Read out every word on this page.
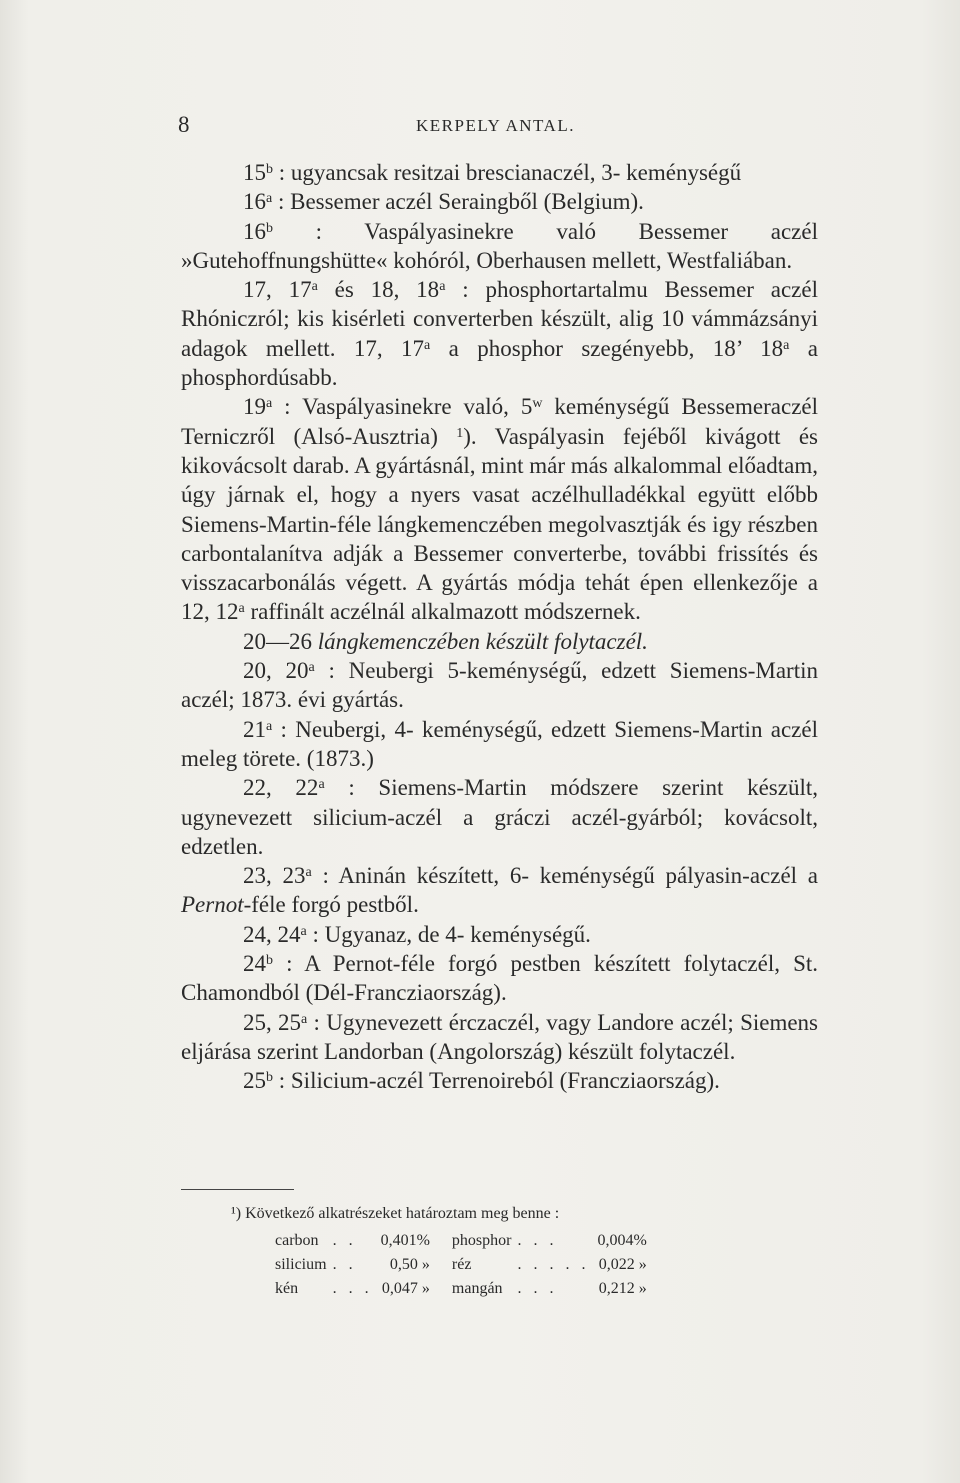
8	KERPELY ANTAL.

15$^b$ : ugyancsak resitzai brescianaczél, 3- keménységű

16$^a$ : Bessemer aczél Seraingből (Belgium).

16$^b$ : Vaspályasinekre való Bessemer aczél »Gutehoffnungshütte« kohóról, Oberhausen mellett, Westfaliában.

17, 17$^a$ és 18, 18$^a$ : phosphortartalmu Bessemer aczél Rhóniczról; kis kisérleti converterben készült, alig 10 vámmázsányi adagok mellett. 17, 17$^a$ a phosphor szegényebb, 18’ 18$^a$ a phosphordúsabb.

19$^a$ : Vaspályasinekre való, 5$^w$ keménységű Bessemeraczél Terniczről (Alsó-Ausztria) $^1$). Vaspályasin fejéből kivágott és kikovácsolt darab. A gyártásnál, mint már más alkalommal előadtam, úgy járnak el, hogy a nyers vasat aczélhulladékkal együtt előbb Siemens-Martin-féle lángkemenczében megolvasztják és igy részben carbontalanítva adják a Bessemer converterbe, további frissítés és visszacarbonálás végett. A gyártás módja tehát épen ellenkezője a 12, 12$^a$ raffinált aczélnál alkalmazott módszernek.

20—26 lángkemenczében készült folytaczél.

20, 20$^a$ : Neubergi 5-keménységű, edzett Siemens-Martin aczél; 1873. évi gyártás.

21$^a$ : Neubergi, 4- keménységű, edzett Siemens-Martin aczél meleg törete. (1873.)

22, 22$^a$ : Siemens-Martin módszere szerint készült, ugynevezett silicium-aczél a gráczi aczél-gyárból; kovácsolt, edzetlen.

23, 23$^a$ : Aninán készített, 6- keménységű pályasin-aczél a Pernot-féle forgó pestből.

24, 24$^a$ : Ugyanaz, de 4- keménységű.

24$^b$ : A Pernot-féle forgó pestben készített folytaczél, St. Chamondból (Dél-Francziaország).

25, 25$^a$ : Ugynevezett érczaczél, vagy Landore aczél; Siemens eljárása szerint Landorban (Angolország) készült folytaczél.

25$^b$ : Silicium-aczél Terrenoireból (Francziaország).

¹) Következő alkatrészeket határoztam meg benne :
carbon	. .	0,401%	phosphor	. . .	0,004%
silicium	. .	0,50 »	réz	. . . . .	0,022 »
kén	. . .	0,047 »	mangán	. . .	0,212 »
